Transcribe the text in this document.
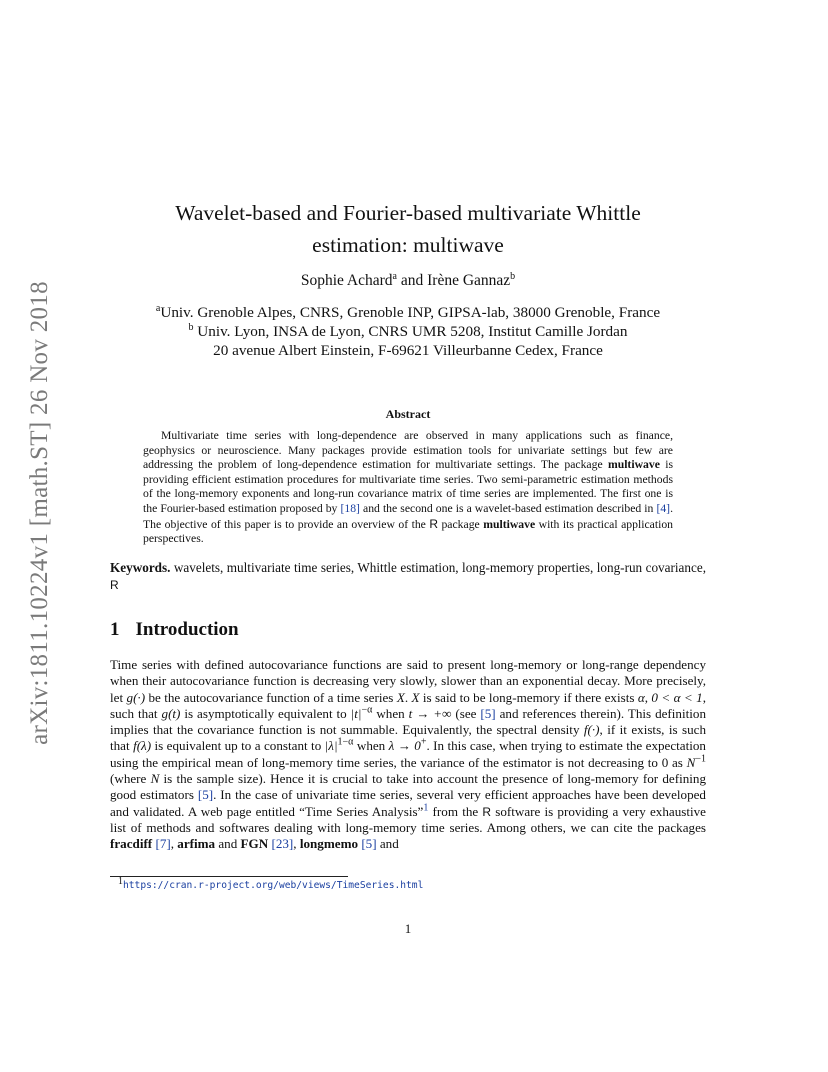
arXiv:1811.10224v1 [math.ST] 26 Nov 2018
Wavelet-based and Fourier-based multivariate Whittle
estimation: multiwave
Sophie Achard$^a$ and Irène Gannaz$^b$
$^a$Univ. Grenoble Alpes, CNRS, Grenoble INP, GIPSA-lab, 38000 Grenoble, France
$^b$ Univ. Lyon, INSA de Lyon, CNRS UMR 5208, Institut Camille Jordan
20 avenue Albert Einstein, F-69621 Villeurbanne Cedex, France
Abstract

Multivariate time series with long-dependence are observed in many applications such as finance, geophysics or neuroscience. Many packages provide estimation tools for univariate settings but few are addressing the problem of long-dependence estimation for multivariate settings. The package multiwave is providing efficient estimation procedures for multivariate time series. Two semi-parametric estimation methods of the long-memory exponents and long-run covariance matrix of time series are implemented. The first one is the Fourier-based estimation proposed by [18] and the second one is a wavelet-based estimation described in [4]. The objective of this paper is to provide an overview of the R package multiwave with its practical application perspectives.

Keywords. wavelets, multivariate time series, Whittle estimation, long-memory properties, long-run covariance, R

1 Introduction

Time series with defined autocovariance functions are said to present long-memory or long-range dependency when their autocovariance function is decreasing very slowly, slower than an exponential decay. More precisely, let g(·) be the autocovariance function of a time series X. X is said to be long-memory if there exists α, 0 < α < 1, such that g(t) is asymptotically equivalent to $|t|^{-\alpha}$ when t → +∞ (see [5] and references therein). This definition implies that the covariance function is not summable. Equivalently, the spectral density f(·), if it exists, is such that f(λ) is equivalent up to a constant to $|\lambda|^{1-\alpha}$ when λ → 0+. In this case, when trying to estimate the expectation using the empirical mean of long-memory time series, the variance of the estimator is not decreasing to 0 as $N^{-1}$ (where N is the sample size). Hence it is crucial to take into account the presence of long-memory for defining good estimators [5]. In the case of univariate time series, several very efficient approaches have been developed and validated. A web page entitled “Time Series Analysis”$^1$ from the R software is providing a very exhaustive list of methods and softwares dealing with long-memory time series. Among others, we can cite the packages fracdiff [7], arfima and FGN [23], longmemo [5] and

$^1$https://cran.r-project.org/web/views/TimeSeries.html
1
